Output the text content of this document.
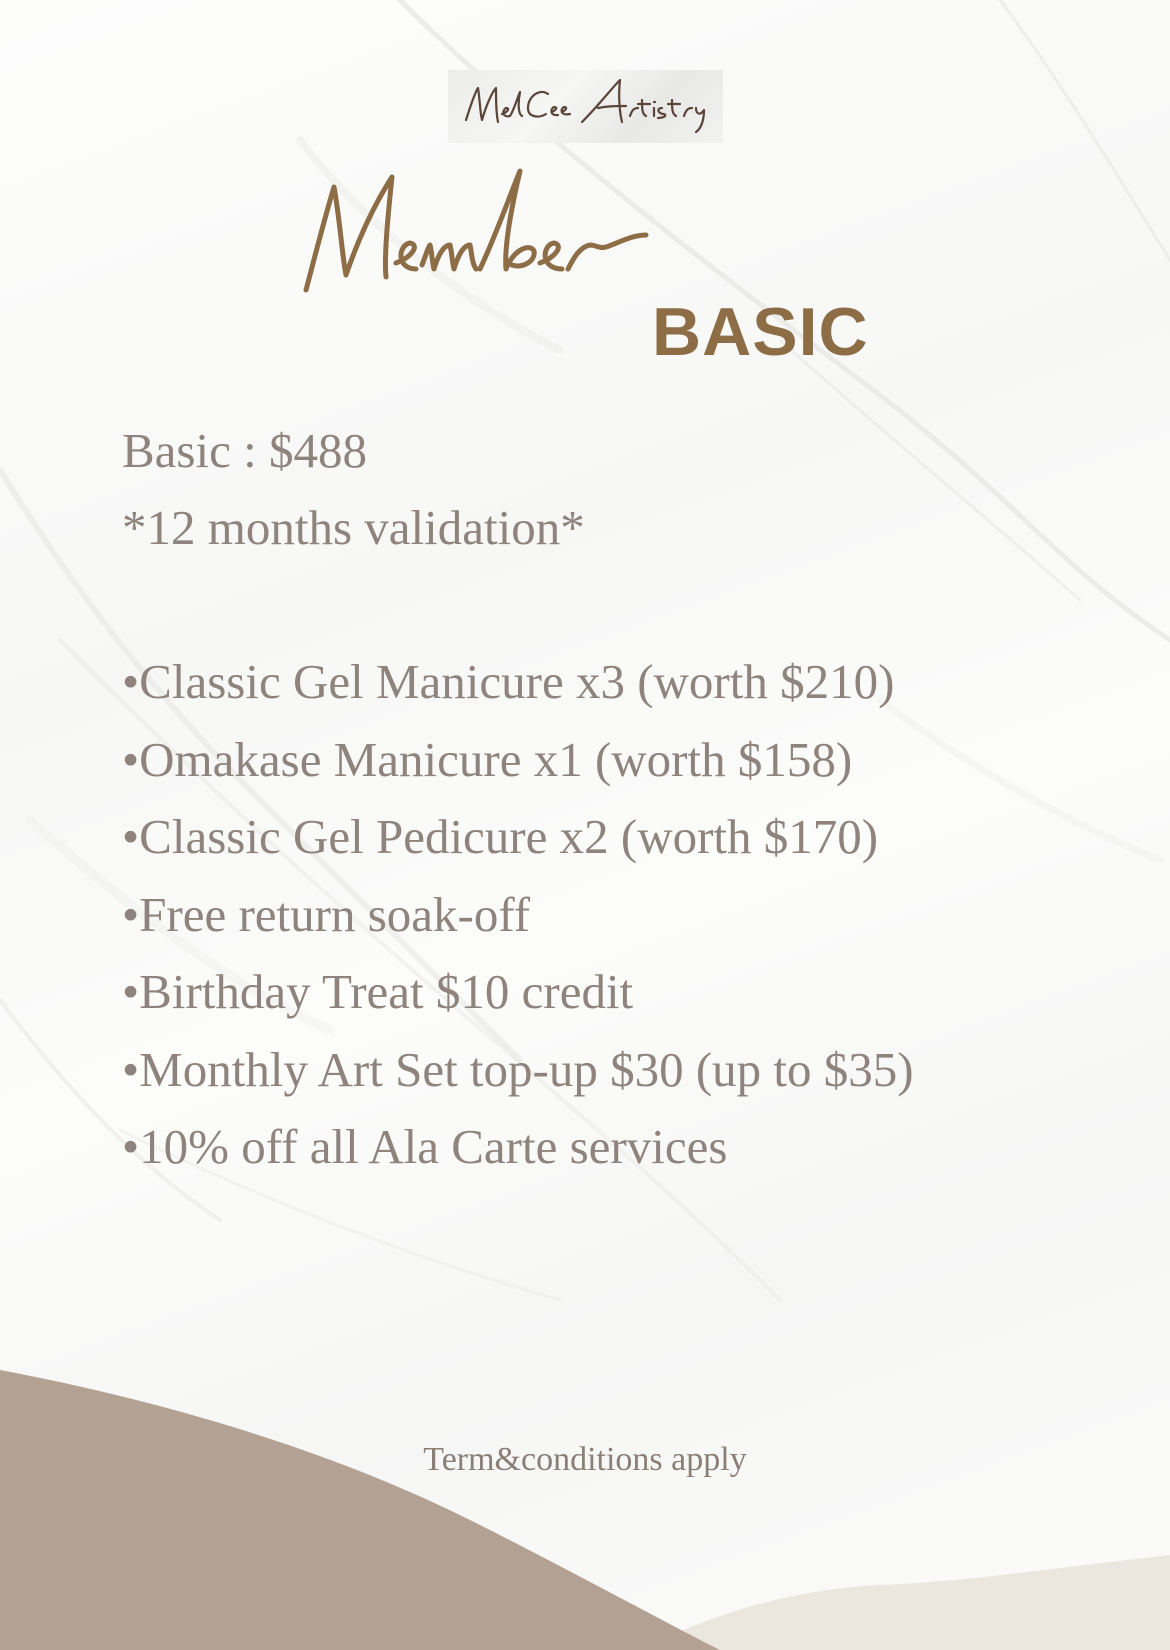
BASIC
Basic : $488
*12 months validation*
•Classic Gel Manicure x3 (worth $210)
•Omakase Manicure x1 (worth $158)
•Classic Gel Pedicure x2 (worth $170)
•Free return soak-off
•Birthday Treat $10 credit
•Monthly Art Set top-up $30 (up to $35)
•10% off all Ala Carte services
Term&conditions apply
